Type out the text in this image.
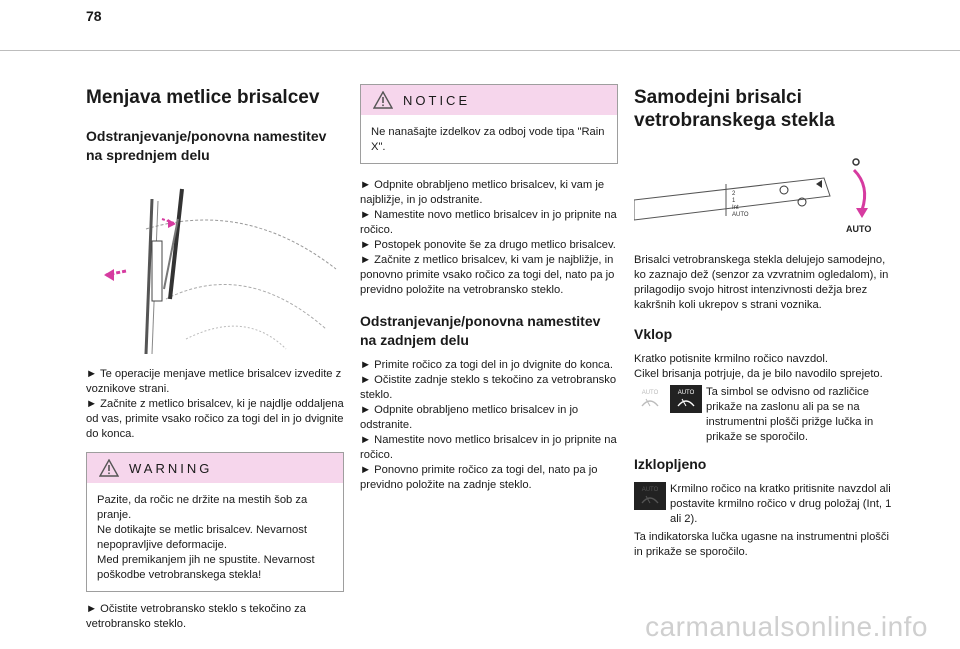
78
Menjava metlice brisalcev
Odstranjevanje/ponovna namestitev na sprednjem delu
► Te operacije menjave metlice brisalcev izvedite z voznikove strani.
► Začnite z metlico brisalcev, ki je najdlje oddaljena od vas, primite vsako ročico za togi del in jo dvignite do konca.
WARNING
Pazite, da ročic ne držite na mestih šob za pranje.
Ne dotikajte se metlic brisalcev. Nevarnost nepopravljive deformacije.
Med premikanjem jih ne spustite. Nevarnost poškodbe vetrobranskega stekla!
► Očistite vetrobransko steklo s tekočino za vetrobransko steklo.
NOTICE
Ne nanašajte izdelkov za odboj vode tipa "Rain X".
► Odpnite obrabljeno metlico brisalcev, ki vam je najbližje, in jo odstranite.
► Namestite novo metlico brisalcev in jo pripnite na ročico.
► Postopek ponovite še za drugo metlico brisalcev.
► Začnite z metlico brisalcev, ki vam je najbližje, in ponovno primite vsako ročico za togi del, nato pa jo previdno položite na vetrobransko steklo.
Odstranjevanje/ponovna namestitev na zadnjem delu
► Primite ročico za togi del in jo dvignite do konca.
► Očistite zadnje steklo s tekočino za vetrobransko steklo.
► Odpnite obrabljeno metlico brisalcev in jo odstranite.
► Namestite novo metlico brisalcev in jo pripnite na ročico.
► Ponovno primite ročico za togi del, nato pa jo previdno položite na zadnje steklo.
Samodejni brisalci vetrobranskega stekla
2
1
Int
AUTO
AUTO
Brisalci vetrobranskega stekla delujejo samodejno, ko zaznajo dež (senzor za vzvratnim ogledalom), in prilagodijo svojo hitrost intenzivnosti dežja brez kakršnih koli ukrepov s strani voznika.
Vklop
Kratko potisnite krmilno ročico navzdol.
Cikel brisanja potrjuje, da je bilo navodilo sprejeto.
AUTO	AUTO Ta simbol se odvisno od različice prikaže na zaslonu ali pa se na instrumentni plošči prižge lučka in prikaže se sporočilo.
Izklopljeno
AUTO Krmilno ročico na kratko pritisnite navzdol ali postavite krmilno ročico v drug položaj (Int, 1 ali 2).
Ta indikatorska lučka ugasne na instrumentni plošči in prikaže se sporočilo.
carmanualsonline.info
